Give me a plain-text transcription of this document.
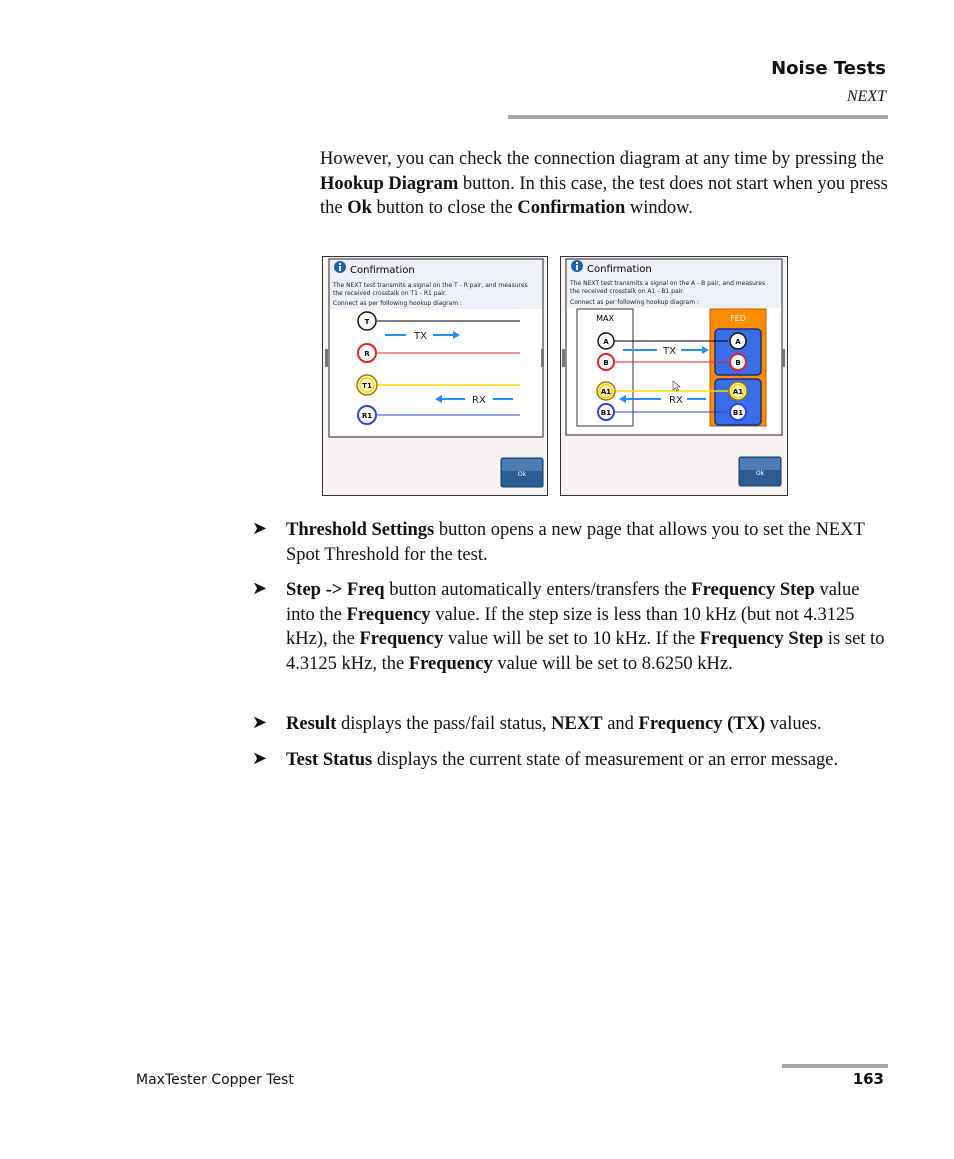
Noise Tests
NEXT

However, you can check the connection diagram at any time by pressing the Hookup Diagram button. In this case, the test does not start when you press the Ok button to close the Confirmation window.

Confirmation
The NEXT test transmits a signal on the T - R pair, and measures
the received crosstalk on T1 - R1 pair.
Connect as per following hookup diagram :
T
R
T1
R1
TX
RX
Ok
Confirmation
The NEXT test transmits a signal on the A - B pair, and measures
the received crosstalk on A1 - B1 pair.
Connect as per following hookup diagram :
MAX	FED
A
B
A1
B1
A
B
A1
B1
TX
RX
Ok
➤ Threshold Settings button opens a new page that allows you to set the NEXT Spot Threshold for the test.
➤ Step -> Freq button automatically enters/transfers the Frequency Step value into the Frequency value. If the step size is less than 10 kHz (but not 4.3125 kHz), the Frequency value will be set to 10 kHz. If the Frequency Step is set to 4.3125 kHz, the Frequency value will be set to 8.6250 kHz.
➤ Result displays the pass/fail status, NEXT and Frequency (TX) values.
➤ Test Status displays the current state of measurement or an error message.
MaxTester Copper Test	163
